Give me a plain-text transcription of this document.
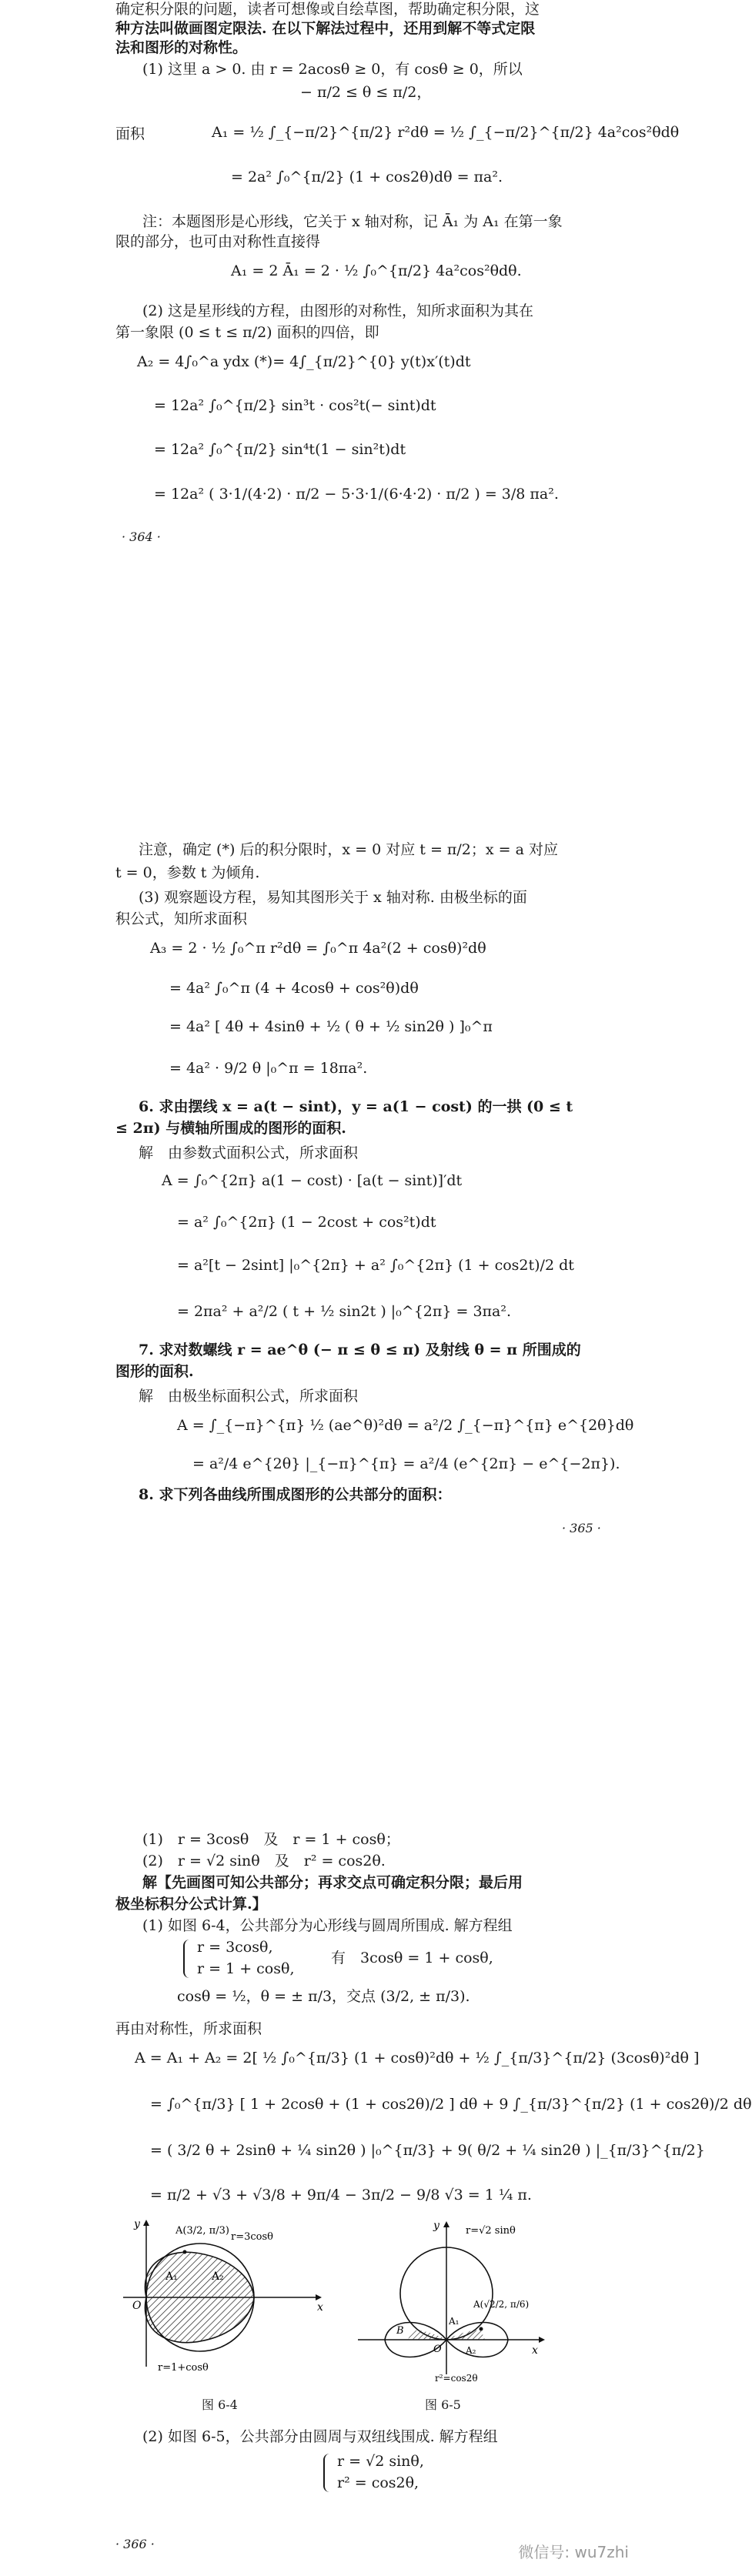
确定积分限的问题，读者可想像或自绘草图，帮助确定积分限，这
种方法叫做画图定限法. 在以下解法过程中，还用到解不等式定限
法和图形的对称性。
(1) 这里 a > 0. 由 r = 2acosθ ≥ 0，有 cosθ ≥ 0，所以
− π/2 ≤ θ ≤ π/2，
面积	A₁ = ½ ∫_{−π/2}^{π/2} r²dθ = ½ ∫_{−π/2}^{π/2} 4a²cos²θdθ
= 2a² ∫₀^{π/2} (1 + cos2θ)dθ = πa².
注：本题图形是心形线，它关于 x 轴对称，记 Ā₁ 为 A₁ 在第一象
限的部分，也可由对称性直接得
A₁ = 2 Ā₁ = 2 · ½ ∫₀^{π/2} 4a²cos²θdθ.
(2) 这是星形线的方程，由图形的对称性，知所求面积为其在
第一象限 (0 ≤ t ≤ π/2) 面积的四倍，即
A₂ = 4∫₀^a ydx (*)= 4∫_{π/2}^{0} y(t)x′(t)dt
= 12a² ∫₀^{π/2} sin³t · cos²t(− sint)dt
= 12a² ∫₀^{π/2} sin⁴t(1 − sin²t)dt
= 12a² ( 3·1/(4·2) · π/2 − 5·3·1/(6·4·2) · π/2 ) = 3/8 πa².
· 364 ·
注意，确定 (*) 后的积分限时，x = 0 对应 t = π/2；x = a 对应
t = 0，参数 t 为倾角.
(3) 观察题设方程，易知其图形关于 x 轴对称. 由极坐标的面
积公式，知所求面积
A₃ = 2 · ½ ∫₀^π r²dθ = ∫₀^π 4a²(2 + cosθ)²dθ
= 4a² ∫₀^π (4 + 4cosθ + cos²θ)dθ
= 4a² [ 4θ + 4sinθ + ½ ( θ + ½ sin2θ ) ]₀^π
= 4a² · 9/2 θ |₀^π = 18πa².
6. 求由摆线 x = a(t − sint)，y = a(1 − cost) 的一拱 (0 ≤ t
≤ 2π) 与横轴所围成的图形的面积.
解　由参数式面积公式，所求面积
A = ∫₀^{2π} a(1 − cost) · [a(t − sint)]′dt
= a² ∫₀^{2π} (1 − 2cost + cos²t)dt
= a²[t − 2sint] |₀^{2π} + a² ∫₀^{2π} (1 + cos2t)/2 dt
= 2πa² + a²/2 ( t + ½ sin2t ) |₀^{2π} = 3πa².
7. 求对数螺线 r = ae^θ (− π ≤ θ ≤ π) 及射线 θ = π 所围成的
图形的面积.
解　由极坐标面积公式，所求面积
A = ∫_{−π}^{π} ½ (ae^θ)²dθ = a²/2 ∫_{−π}^{π} e^{2θ}dθ
= a²/4 e^{2θ} |_{−π}^{π} = a²/4 (e^{2π} − e^{−2π}).
8. 求下列各曲线所围成图形的公共部分的面积：
· 365 ·
(1)　r = 3cosθ　及　r = 1 + cosθ；
(2)　r = √2 sinθ　及　r² = cos2θ.
解【先画图可知公共部分；再求交点可确定积分限；最后用
极坐标积分公式计算.】
(1) 如图 6-4，公共部分为心形线与圆周所围成. 解方程组
r = 3cosθ,
r = 1 + cosθ,
有　3cosθ = 1 + cosθ,
cosθ = ½，θ = ± π/3，交点 (3/2, ± π/3).
再由对称性，所求面积
A = A₁ + A₂ = 2[ ½ ∫₀^{π/3} (1 + cosθ)²dθ + ½ ∫_{π/3}^{π/2} (3cosθ)²dθ ]
= ∫₀^{π/3} [ 1 + 2cosθ + (1 + cos2θ)/2 ] dθ + 9 ∫_{π/3}^{π/2} (1 + cos2θ)/2 dθ
= ( 3/2 θ + 2sinθ + ¼ sin2θ ) |₀^{π/3} + 9( θ/2 + ¼ sin2θ ) |_{π/3}^{π/2}
= π/2 + √3 + √3/8 + 9π/4 − 3π/2 − 9/8 √3 = 1 ¼ π.
A(3/2, π/3)
r=3cosθ
r=1+cosθ
A₁	A₂
O	x
y
图 6-4
A(√2/2, π/6)
r=√2 sinθ
r²=cos2θ
A₁
A₂
B
O	x
y
图 6-5
(2) 如图 6-5，公共部分由圆周与双纽线围成. 解方程组
r = √2 sinθ,
r² = cos2θ,
· 366 ·	微信号: wu7zhi
